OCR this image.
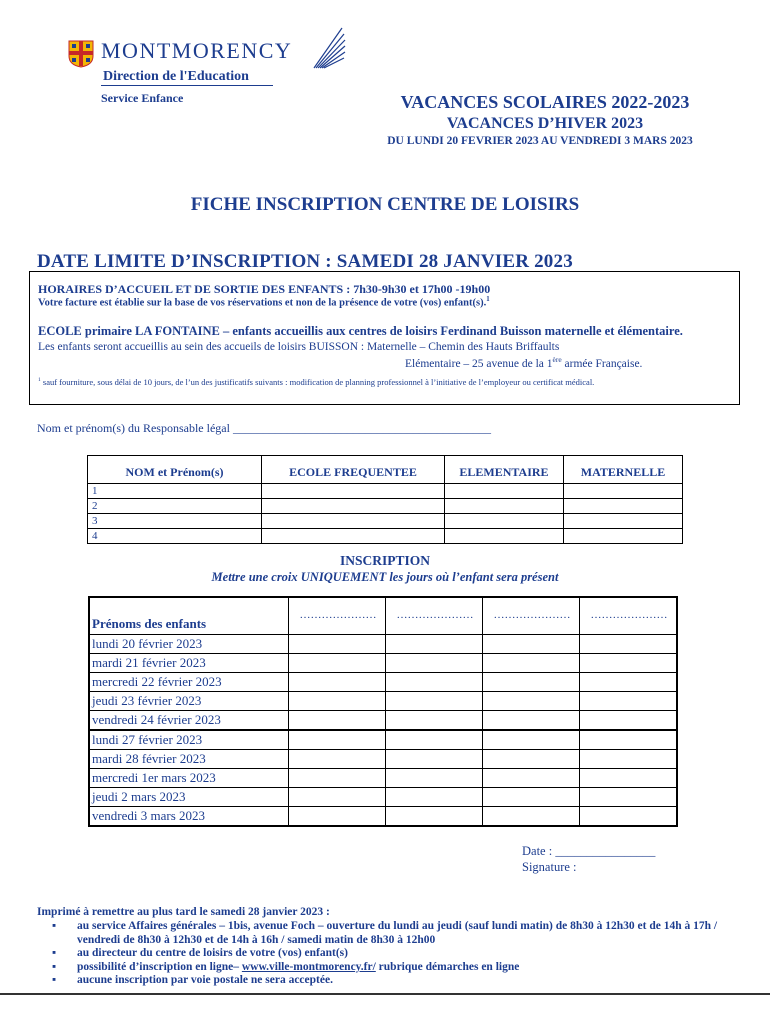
MONTMORENCY
Direction de l'Education
Service Enfance	VACANCES SCOLAIRES 2022-2023
VACANCES D’HIVER 2023
DU LUNDI 20 FEVRIER 2023 AU VENDREDI 3 MARS 2023
FICHE INSCRIPTION CENTRE DE LOISIRS
DATE LIMITE D’INSCRIPTION : SAMEDI 28 JANVIER 2023
HORAIRES D’ACCUEIL ET DE SORTIE DES ENFANTS : 7h30-9h30 et 17h00 -19h00
Votre facture est établie sur la base de vos réservations et non de la présence de votre (vos) enfant(s).$^1$
ECOLE primaire LA FONTAINE – enfants accueillis aux centres de loisirs Ferdinand Buisson maternelle et élémentaire.
Les enfants seront accueillis au sein des accueils de loisirs BUISSON : Maternelle – Chemin des Hauts Briffaults
Elémentaire – 25 avenue de la 1ère armée Française.
$^1$ sauf fourniture, sous délai de 10 jours, de l’un des justificatifs suivants : modification de planning professionnel à l’initiative de l’employeur ou certificat médical.
Nom et prénom(s) du Responsable légal ___________________________________________
NOM et Prénom(s)	ECOLE FREQUENTEE	ELEMENTAIRE	MATERNELLE
1			
2			
3			
4			
INSCRIPTION
Mettre une croix UNIQUEMENT les jours où l’enfant sera présent
Prénoms des enfants	…………………	…………………	…………………	…………………
lundi 20 février 2023				
mardi 21 février 2023				
mercredi 22 février 2023				
jeudi 23 février 2023				
vendredi 24 février 2023				
lundi 27 février 2023				
mardi 28 février 2023				
mercredi 1er mars 2023				
jeudi 2 mars 2023				
vendredi 3 mars 2023				
Date : ________________
Signature :
Imprimé à remettre au plus tard le samedi 28 janvier 2023 :
▪ au service Affaires générales – 1bis, avenue Foch – ouverture du lundi au jeudi (sauf lundi matin) de 8h30 à 12h30 et de 14h à 17h / vendredi de 8h30 à 12h30 et de 14h à 16h / samedi matin de 8h30 à 12h00
▪ au directeur du centre de loisirs de votre (vos) enfant(s)
▪ possibilité d’inscription en ligne– www.ville-montmorency.fr/ rubrique démarches en ligne
▪ aucune inscription par voie postale ne sera acceptée.
